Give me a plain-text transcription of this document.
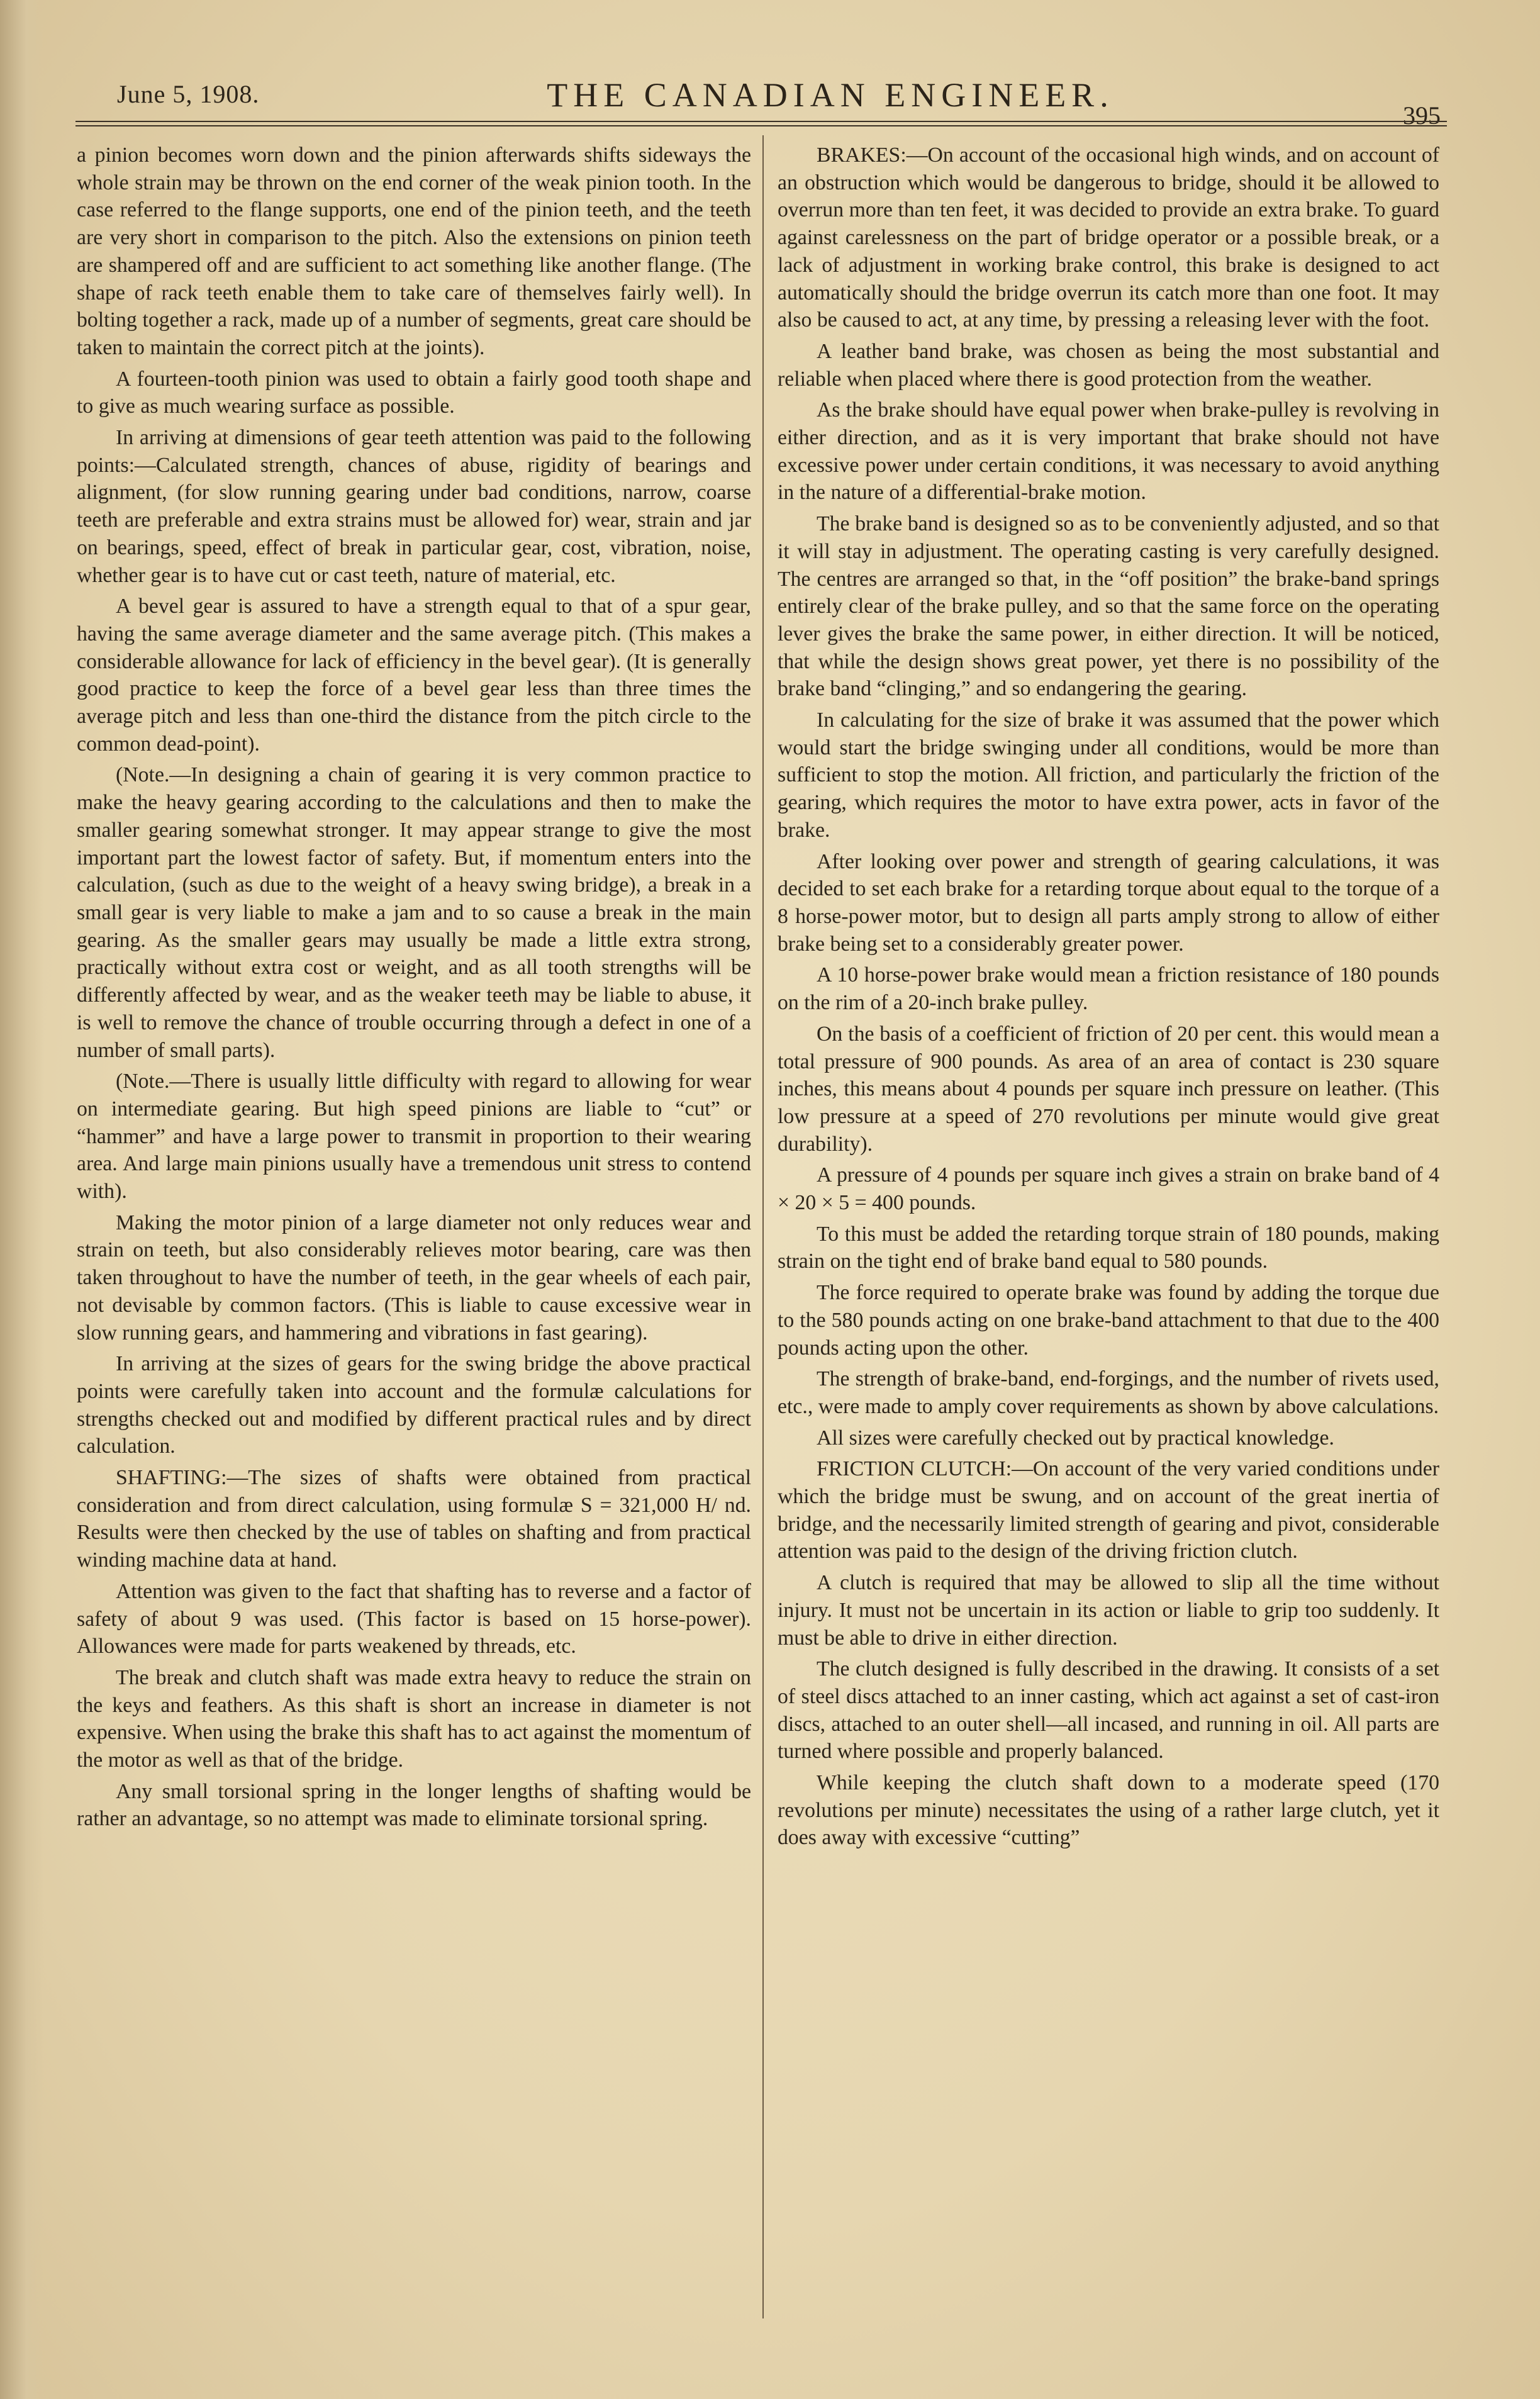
June 5, 1908.	THE CANADIAN ENGINEER.
395

a pinion becomes worn down and the pinion afterwards shifts sideways the whole strain may be thrown on the end corner of the weak pinion tooth. In the case referred to the flange supports, one end of the pinion teeth, and the teeth are very short in comparison to the pitch. Also the extensions on pinion teeth are shampered off and are sufficient to act something like another flange. (The shape of rack teeth enable them to take care of themselves fairly well). In bolting together a rack, made up of a number of segments, great care should be taken to maintain the correct pitch at the joints).

A fourteen-tooth pinion was used to obtain a fairly good tooth shape and to give as much wearing surface as possible.

In arriving at dimensions of gear teeth attention was paid to the following points:—Calculated strength, chances of abuse, rigidity of bearings and alignment, (for slow running gearing under bad conditions, narrow, coarse teeth are preferable and extra strains must be allowed for) wear, strain and jar on bearings, speed, effect of break in particular gear, cost, vibration, noise, whether gear is to have cut or cast teeth, nature of material, etc.

A bevel gear is assured to have a strength equal to that of a spur gear, having the same average diameter and the same average pitch. (This makes a considerable allowance for lack of efficiency in the bevel gear). (It is generally good practice to keep the force of a bevel gear less than three times the average pitch and less than one-third the distance from the pitch circle to the common dead-point).

(Note.—In designing a chain of gearing it is very common practice to make the heavy gearing according to the calculations and then to make the smaller gearing somewhat stronger. It may appear strange to give the most important part the lowest factor of safety. But, if momentum enters into the calculation, (such as due to the weight of a heavy swing bridge), a break in a small gear is very liable to make a jam and to so cause a break in the main gearing. As the smaller gears may usually be made a little extra strong, practically without extra cost or weight, and as all tooth strengths will be differently affected by wear, and as the weaker teeth may be liable to abuse, it is well to remove the chance of trouble occurring through a defect in one of a number of small parts).

(Note.—There is usually little difficulty with regard to allowing for wear on intermediate gearing. But high speed pinions are liable to “cut” or “hammer” and have a large power to transmit in proportion to their wearing area. And large main pinions usually have a tremendous unit stress to contend with).

Making the motor pinion of a large diameter not only reduces wear and strain on teeth, but also considerably relieves motor bearing, care was then taken throughout to have the number of teeth, in the gear wheels of each pair, not devisable by common factors. (This is liable to cause excessive wear in slow running gears, and hammering and vibrations in fast gearing).

In arriving at the sizes of gears for the swing bridge the above practical points were carefully taken into account and the formulæ calculations for strengths checked out and modified by different practical rules and by direct calculation.

SHAFTING:—The sizes of shafts were obtained from practical consideration and from direct calculation, using formulæ S = 321,000 H/ nd. Results were then checked by the use of tables on shafting and from practical winding machine data at hand.

Attention was given to the fact that shafting has to reverse and a factor of safety of about 9 was used. (This factor is based on 15 horse-power). Allowances were made for parts weakened by threads, etc.

The break and clutch shaft was made extra heavy to reduce the strain on the keys and feathers. As this shaft is short an increase in diameter is not expensive. When using the brake this shaft has to act against the momentum of the motor as well as that of the bridge.

Any small torsional spring in the longer lengths of shafting would be rather an advantage, so no attempt was made to eliminate torsional spring.

BRAKES:—On account of the occasional high winds, and on account of an obstruction which would be dangerous to bridge, should it be allowed to overrun more than ten feet, it was decided to provide an extra brake. To guard against carelessness on the part of bridge operator or a possible break, or a lack of adjustment in working brake control, this brake is designed to act automatically should the bridge overrun its catch more than one foot. It may also be caused to act, at any time, by pressing a releasing lever with the foot.

A leather band brake, was chosen as being the most substantial and reliable when placed where there is good protection from the weather.

As the brake should have equal power when brake-pulley is revolving in either direction, and as it is very important that brake should not have excessive power under certain conditions, it was necessary to avoid anything in the nature of a differential-brake motion.

The brake band is designed so as to be conveniently adjusted, and so that it will stay in adjustment. The operating casting is very carefully designed. The centres are arranged so that, in the “off position” the brake-band springs entirely clear of the brake pulley, and so that the same force on the operating lever gives the brake the same power, in either direction. It will be noticed, that while the design shows great power, yet there is no possibility of the brake band “clinging,” and so endangering the gearing.

In calculating for the size of brake it was assumed that the power which would start the bridge swinging under all conditions, would be more than sufficient to stop the motion. All friction, and particularly the friction of the gearing, which requires the motor to have extra power, acts in favor of the brake.

After looking over power and strength of gearing calculations, it was decided to set each brake for a retarding torque about equal to the torque of a 8 horse-power motor, but to design all parts amply strong to allow of either brake being set to a considerably greater power.

A 10 horse-power brake would mean a friction resistance of 180 pounds on the rim of a 20-inch brake pulley.

On the basis of a coefficient of friction of 20 per cent. this would mean a total pressure of 900 pounds. As area of an area of contact is 230 square inches, this means about 4 pounds per square inch pressure on leather. (This low pressure at a speed of 270 revolutions per minute would give great durability).

A pressure of 4 pounds per square inch gives a strain on brake band of 4 × 20 × 5 = 400 pounds.

To this must be added the retarding torque strain of 180 pounds, making strain on the tight end of brake band equal to 580 pounds.

The force required to operate brake was found by adding the torque due to the 580 pounds acting on one brake-band attachment to that due to the 400 pounds acting upon the other.

The strength of brake-band, end-forgings, and the number of rivets used, etc., were made to amply cover requirements as shown by above calculations.

All sizes were carefully checked out by practical knowledge.

FRICTION CLUTCH:—On account of the very varied conditions under which the bridge must be swung, and on account of the great inertia of bridge, and the necessarily limited strength of gearing and pivot, considerable attention was paid to the design of the driving friction clutch.

A clutch is required that may be allowed to slip all the time without injury. It must not be uncertain in its action or liable to grip too suddenly. It must be able to drive in either direction.

The clutch designed is fully described in the drawing. It consists of a set of steel discs attached to an inner casting, which act against a set of cast-iron discs, attached to an outer shell—all incased, and running in oil. All parts are turned where possible and properly balanced.

While keeping the clutch shaft down to a moderate speed (170 revolutions per minute) necessitates the using of a rather large clutch, yet it does away with excessive “cutting”
